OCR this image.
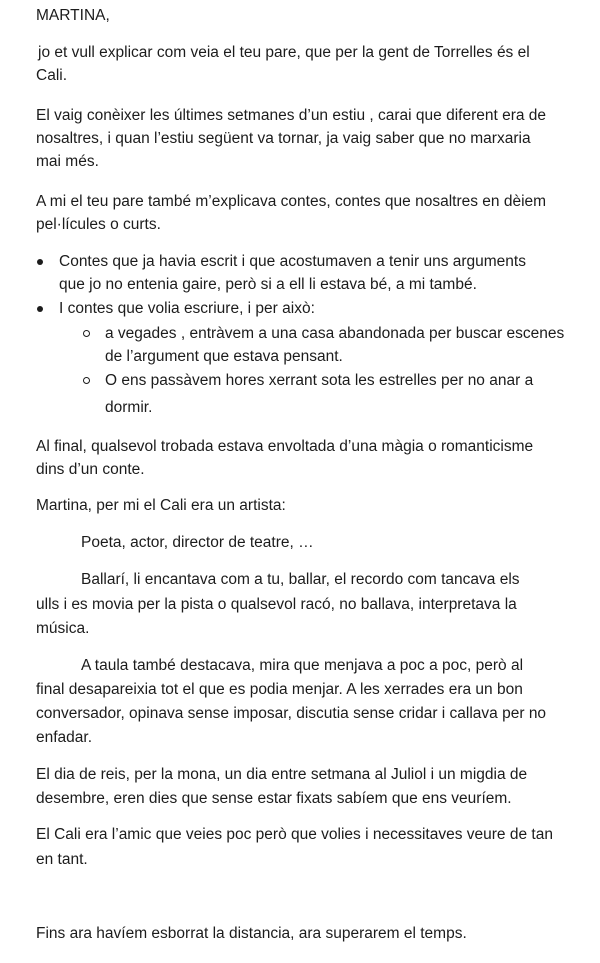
MARTINA,
jo et vull explicar com veia el teu pare, que per la gent de Torrelles és el
Cali.
El vaig conèixer les últimes setmanes d’un estiu , carai que diferent era de
nosaltres, i quan l’estiu següent va tornar, ja vaig saber que no marxaria
mai més.
A mi el teu pare també m’explicava contes, contes que nosaltres en dèiem
pel·lícules o curts.
Contes que ja havia escrit i que acostumaven a tenir uns arguments
que jo no entenia gaire, però si a ell li estava bé, a mi també.
I contes que volia escriure, i per això:
a vegades , entràvem a una casa abandonada per buscar escenes
de l’argument que estava pensant.
O ens passàvem hores xerrant sota les estrelles per no anar a
dormir.
Al final, qualsevol trobada estava envoltada d’una màgia o romanticisme
dins d’un conte.
Martina, per mi el Cali era un artista:
Poeta, actor, director de teatre, …
Ballarí, li encantava com a tu, ballar, el recordo com tancava els
ulls i es movia per la pista o qualsevol racó, no ballava, interpretava la
música.
A taula també destacava, mira que menjava a poc a poc, però al
final desapareixia tot el que es podia menjar. A les xerrades era un bon
conversador, opinava sense imposar, discutia sense cridar i callava per no
enfadar.
El dia de reis, per la mona, un dia entre setmana al Juliol i un migdia de
desembre, eren dies que sense estar fixats sabíem que ens veuríem.
El Cali era l’amic que veies poc però que volies i necessitaves veure de tan
en tant.
Fins ara havíem esborrat la distancia, ara superarem el temps.
